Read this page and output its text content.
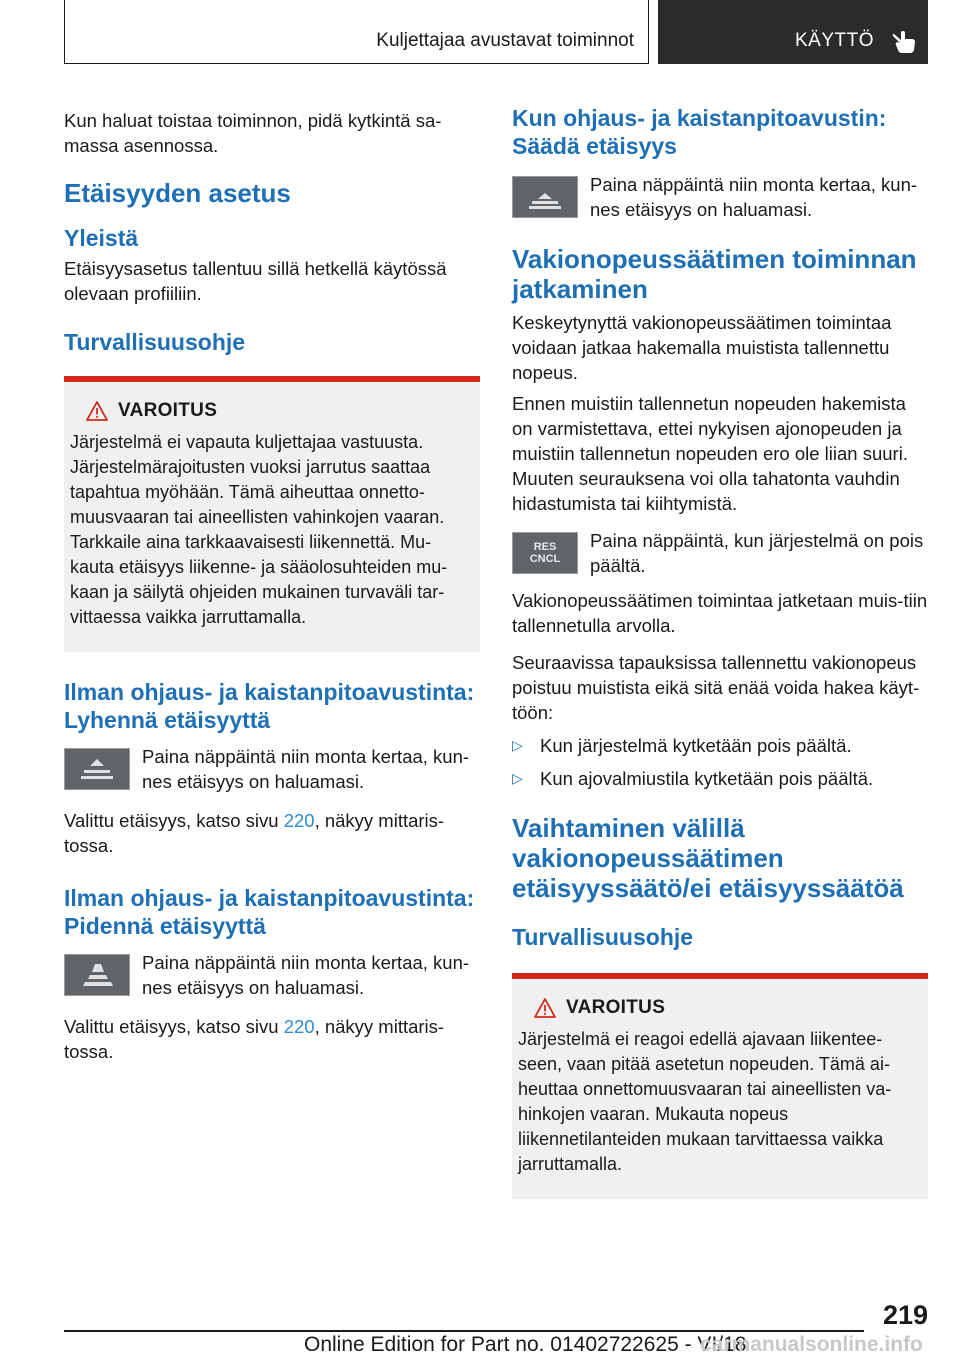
Kuljettajaa avustavat toiminnot	KÄYTTÖ

Kun haluat toistaa toiminnon, pidä kytkintä sa-massa asennossa.

Etäisyyden asetus
Yleistä

Etäisyysasetus tallentuu sillä hetkellä käytössä olevaan profiiliin.

Turvallisuusohje
VAROITUS

Järjestelmä ei vapauta kuljettajaa vastuusta. Järjestelmärajoitusten vuoksi jarrutus saattaa tapahtua myöhään. Tämä aiheuttaa onnetto-muusvaaran tai aineellisten vahinkojen vaaran. Tarkkaile aina tarkkaavaisesti liikennettä. Mu-kauta etäisyys liikenne- ja sääolosuhteiden mu-kaan ja säilytä ohjeiden mukainen turvaväli tar-vittaessa vaikka jarruttamalla.

Ilman ohjaus- ja kaistanpitoavustinta: Lyhennä etäisyyttä

Paina näppäintä niin monta kertaa, kun-nes etäisyys on haluamasi.

Valittu etäisyys, katso sivu 220, näkyy mittaris-tossa.

Ilman ohjaus- ja kaistanpitoavustinta: Pidennä etäisyyttä

Paina näppäintä niin monta kertaa, kun-nes etäisyys on haluamasi.

Valittu etäisyys, katso sivu 220, näkyy mittaris-tossa.

Kun ohjaus- ja kaistanpitoavustin: Säädä etäisyys

Paina näppäintä niin monta kertaa, kun-nes etäisyys on haluamasi.

Vakionopeussäätimen toiminnan jatkaminen

Keskeytynyttä vakionopeussäätimen toimintaa voidaan jatkaa hakemalla muistista tallennettu nopeus.

Ennen muistiin tallennetun nopeuden hakemista on varmistettava, ettei nykyisen ajonopeuden ja muistiin tallennetun nopeuden ero ole liian suuri. Muuten seurauksena voi olla tahatonta vauhdin hidastumista tai kiihtymistä.

RES
CNCL

Paina näppäintä, kun järjestelmä on pois päältä.

Vakionopeussäätimen toimintaa jatketaan muis-tiin tallennetulla arvolla.

Seuraavissa tapauksissa tallennettu vakionopeus poistuu muistista eikä sitä enää voida hakea käyt-töön:

▷ Kun järjestelmä kytketään pois päältä.
▷ Kun ajovalmiustila kytketään pois päältä.
Vaihtaminen välillä vakionopeussäätimen etäisyyssäätö/ei etäisyyssäätöä
Turvallisuusohje
VAROITUS

Järjestelmä ei reagoi edellä ajavaan liikentee-seen, vaan pitää asetetun nopeuden. Tämä ai-heuttaa onnettomuusvaaran tai aineellisten va-hinkojen vaaran. Mukauta nopeus liikennetilanteiden mukaan tarvittaessa vaikka jarruttamalla.

219
Online Edition for Part no. 01402722625 - VI/18
carmanualsonline.info
